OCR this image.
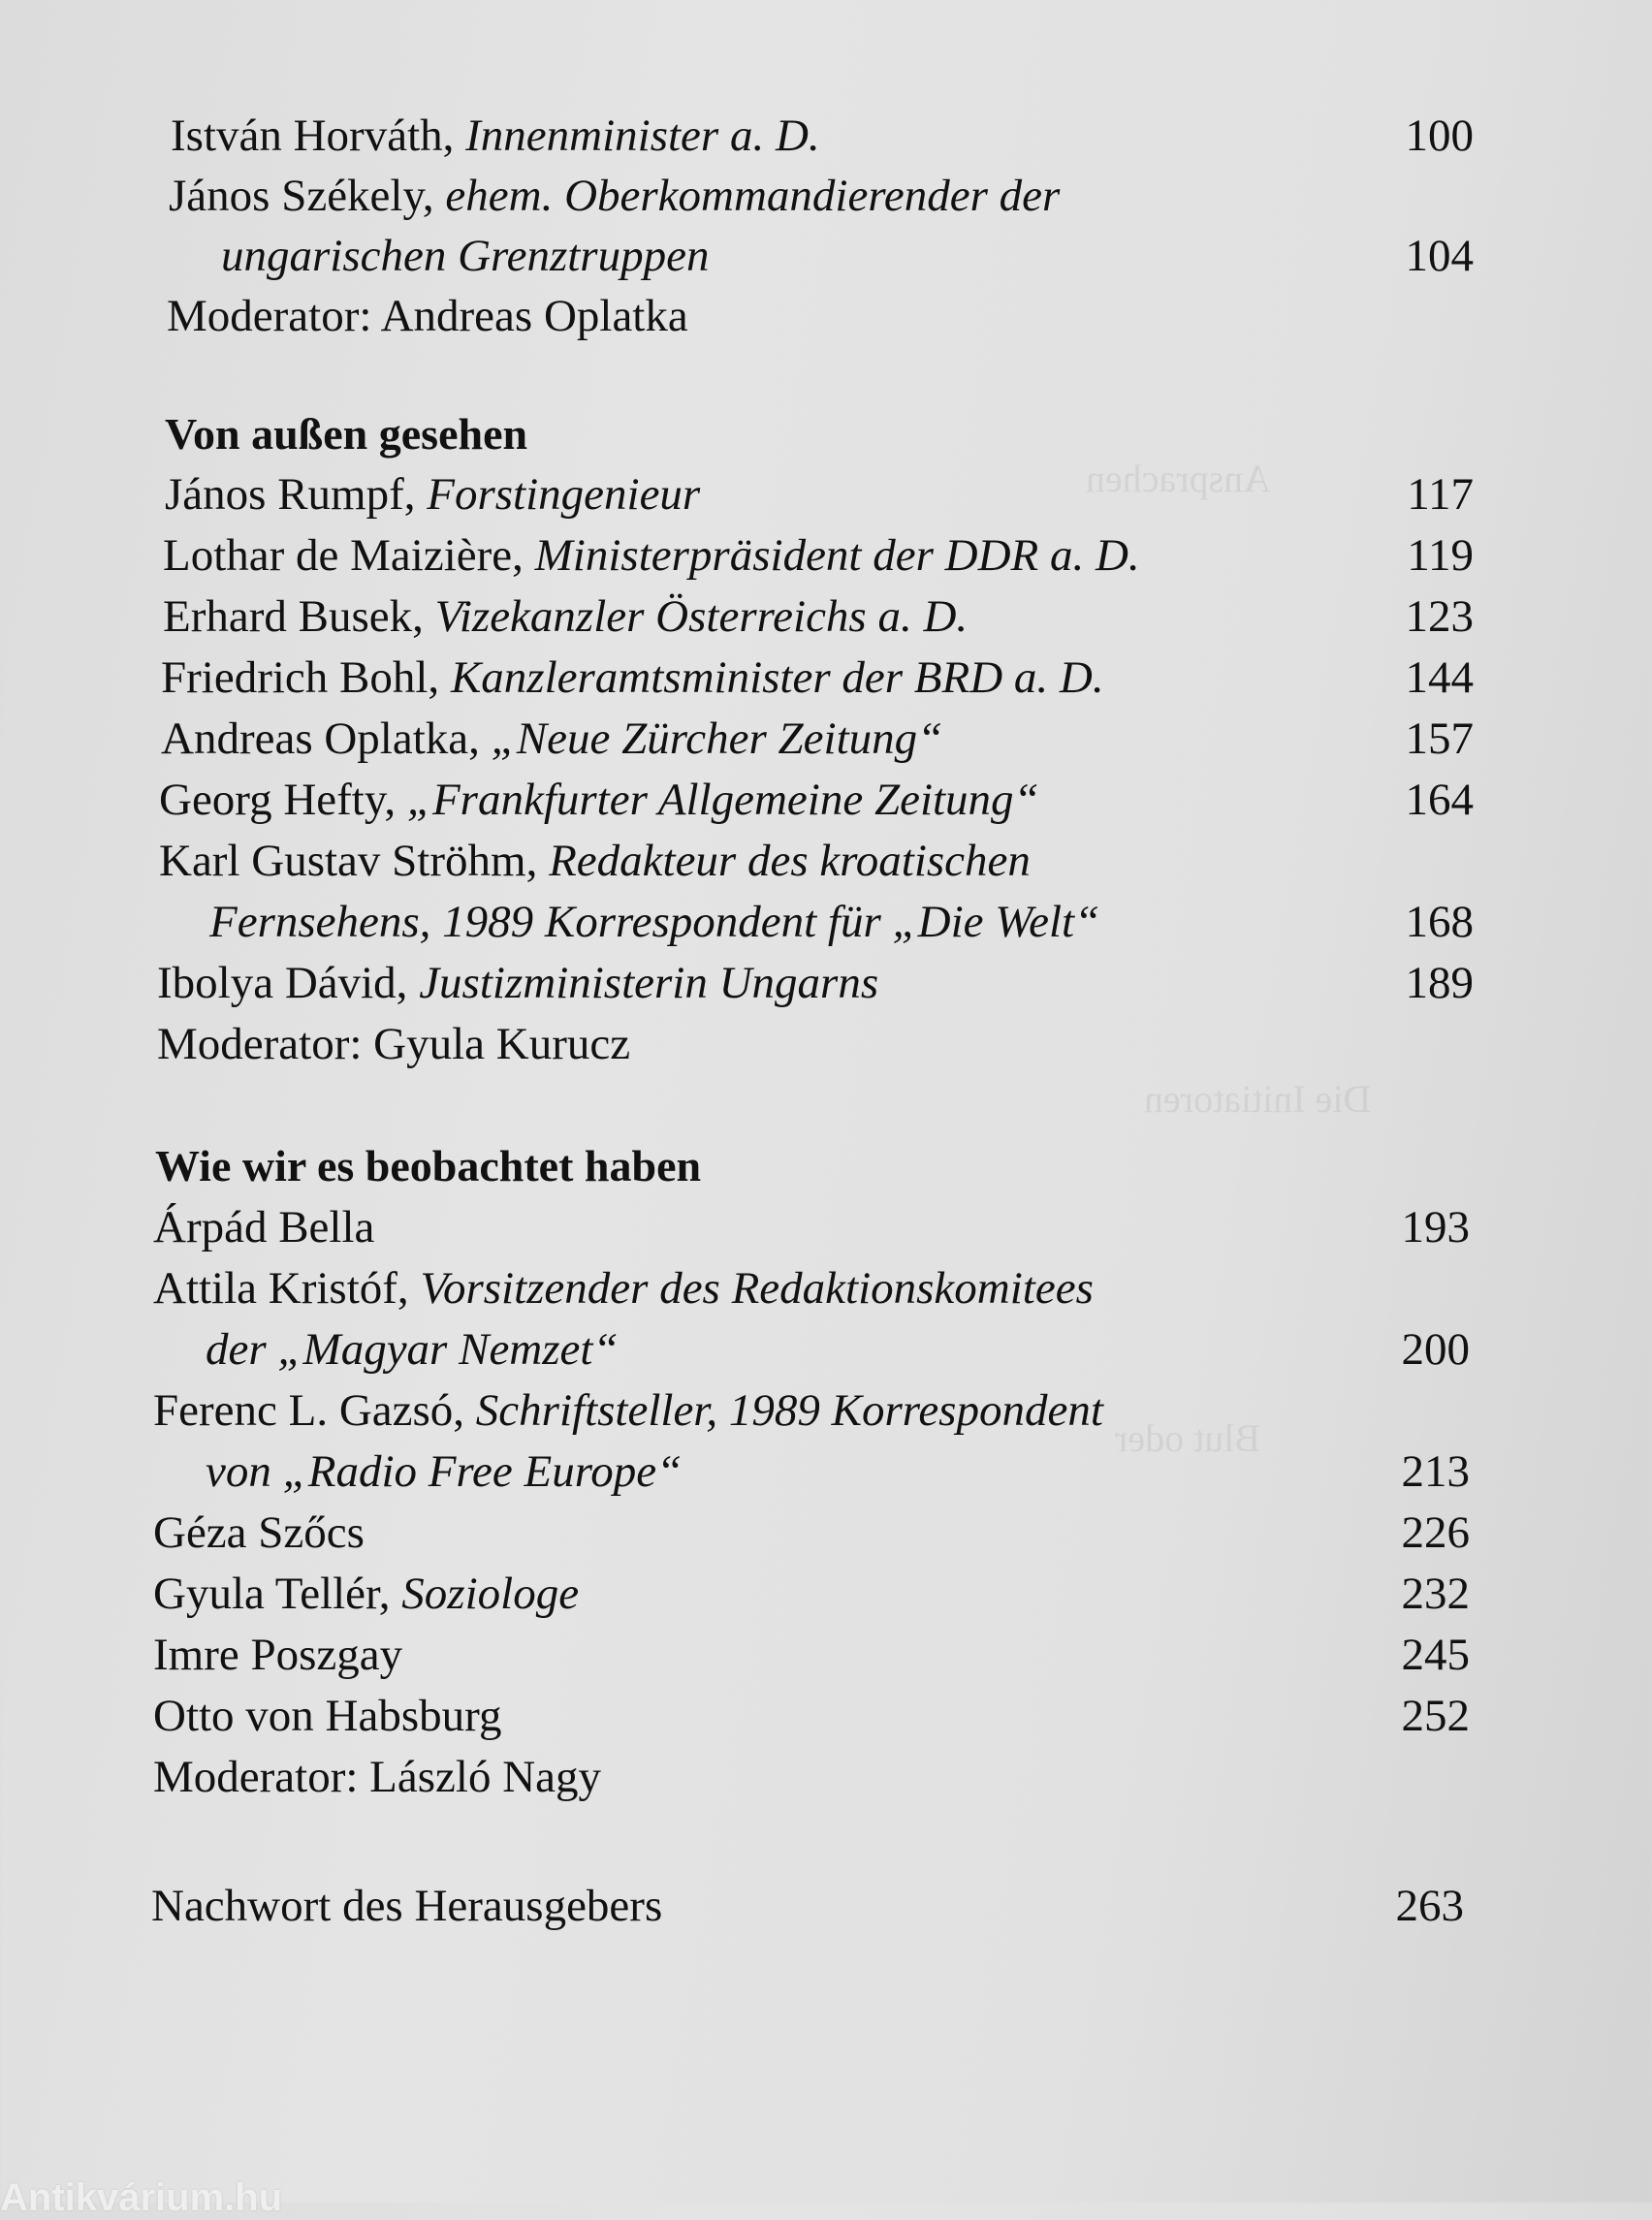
Ansprachen
Die Initiatoren
Blut oder
István Horváth, Innenminister a. D.	100
János Székely, ehem. Oberkommandierender der
ungarischen Grenztruppen	104
Moderator: Andreas Oplatka
Von außen gesehen
János Rumpf, Forstingenieur	117
Lothar de Maizière, Ministerpräsident der DDR a. D.	119
Erhard Busek, Vizekanzler Österreichs a. D.	123
Friedrich Bohl, Kanzleramtsminister der BRD a. D.	144
Andreas Oplatka, „Neue Zürcher Zeitung“	157
Georg Hefty, „Frankfurter Allgemeine Zeitung“	164
Karl Gustav Ströhm, Redakteur des kroatischen
Fernsehens, 1989 Korrespondent für „Die Welt“	168
Ibolya Dávid, Justizministerin Ungarns	189
Moderator: Gyula Kurucz
Wie wir es beobachtet haben
Árpád Bella	193
Attila Kristóf, Vorsitzender des Redaktionskomitees
der „Magyar Nemzet“	200
Ferenc L. Gazsó, Schriftsteller, 1989 Korrespondent
von „Radio Free Europe“	213
Géza Szőcs	226
Gyula Tellér, Soziologe	232
Imre Poszgay	245
Otto von Habsburg	252
Moderator: László Nagy
Nachwort des Herausgebers	263
Antikvárium.hu
